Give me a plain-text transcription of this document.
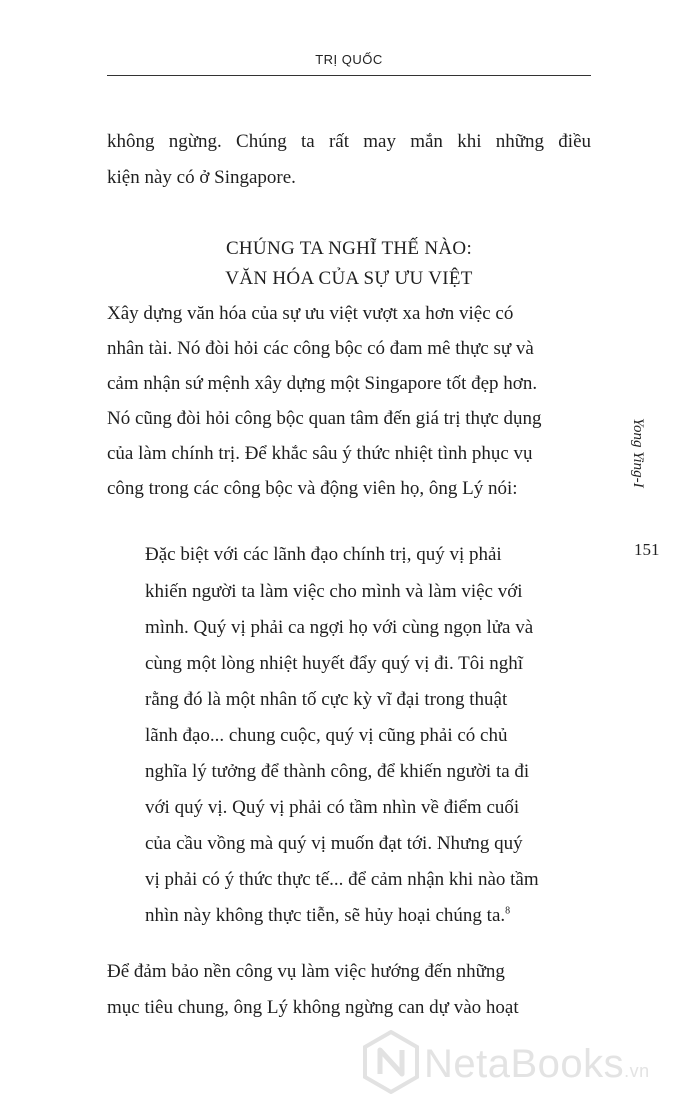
TRỊ QUỐC
không ngừng. Chúng ta rất may mắn khi những điều
kiện này có ở Singapore.
CHÚNG TA NGHĨ THẾ NÀO:
VĂN HÓA CỦA SỰ ƯU VIỆT
Xây dựng văn hóa của sự ưu việt vượt xa hơn việc có
nhân tài. Nó đòi hỏi các công bộc có đam mê thực sự và
cảm nhận sứ mệnh xây dựng một Singapore tốt đẹp hơn.
Nó cũng đòi hỏi công bộc quan tâm đến giá trị thực dụng
của làm chính trị. Để khắc sâu ý thức nhiệt tình phục vụ
công trong các công bộc và động viên họ, ông Lý nói:
Đặc biệt với các lãnh đạo chính trị, quý vị phải
khiến người ta làm việc cho mình và làm việc với
mình. Quý vị phải ca ngợi họ với cùng ngọn lửa và
cùng một lòng nhiệt huyết đẩy quý vị đi. Tôi nghĩ
rằng đó là một nhân tố cực kỳ vĩ đại trong thuật
lãnh đạo... chung cuộc, quý vị cũng phải có chủ
nghĩa lý tưởng để thành công, để khiến người ta đi
với quý vị. Quý vị phải có tầm nhìn về điểm cuối
của cầu vồng mà quý vị muốn đạt tới. Nhưng quý
vị phải có ý thức thực tế... để cảm nhận khi nào tầm
nhìn này không thực tiễn, sẽ hủy hoại chúng ta.$^8$
Để đảm bảo nền công vụ làm việc hướng đến những
mục tiêu chung, ông Lý không ngừng can dự vào hoạt
Yong Ying-I
151
NetaBooks.vn
